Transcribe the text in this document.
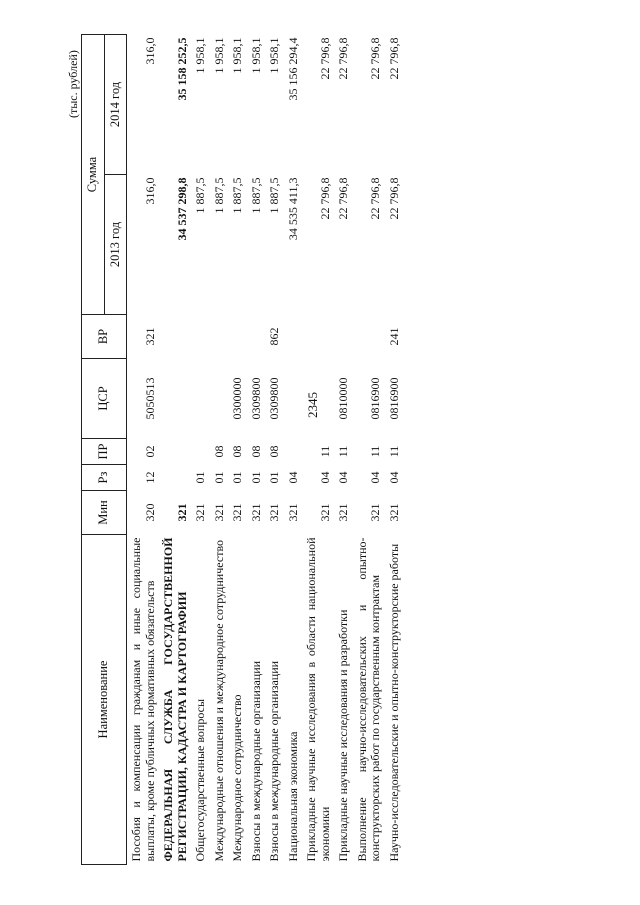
2345
(тыс. рублей)
Наименование	Мин	Рз	ПР	ЦСР	ВР	Сумма	
						2013 год	2014 год
Пособия и компенсации гражданам и иные социальные выплаты, кроме публичных нормативных обязательств	320	12	02	5050513	321	316,0	316,0
ФЕДЕРАЛЬНАЯ СЛУЖБА ГОСУДАРСТВЕННОЙ РЕГИСТРАЦИИ, КАДАСТРА И КАРТОГРАФИИ	321					34 537 298,8	35 158 252,5
Общегосударственные вопросы	321	01				1 887,5	1 958,1
Международные отношения и международное сотрудничество	321	01	08			1 887,5	1 958,1
Международное сотрудничество	321	01	08	0300000		1 887,5	1 958,1
Взносы в международные организации	321	01	08	0309800		1 887,5	1 958,1
Взносы в международные организации	321	01	08	0309800	862	1 887,5	1 958,1
Национальная экономика	321	04				34 535 411,3	35 156 294,4
Прикладные научные исследования в области национальной экономики	321	04	11			22 796,8	22 796,8
Прикладные научные исследования и разработки	321	04	11	0810000		22 796,8	22 796,8
Выполнение научно-исследовательских и опытно-конструкторских работ по государственным контрактам	321	04	11	0816900		22 796,8	22 796,8
Научно-исследовательские и опытно-конструкторские работы	321	04	11	0816900	241	22 796,8	22 796,8
